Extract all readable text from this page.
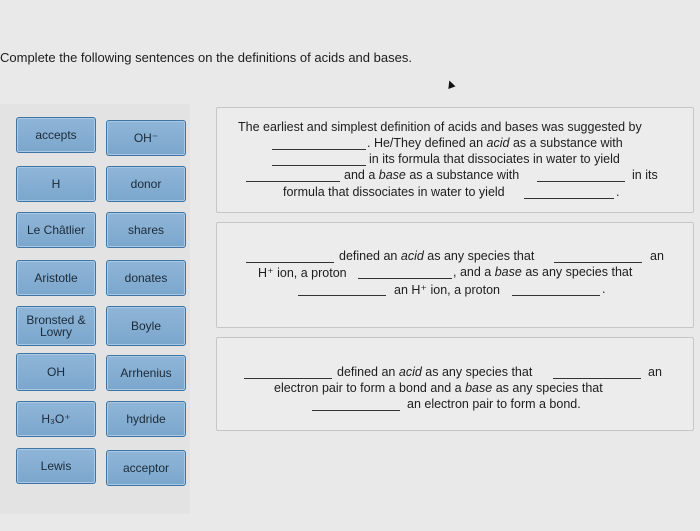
Complete the following sentences on the definitions of acids and bases.
▲
accepts	OH⁻
H	donor
Le Châtlier	shares
Aristotle	donates
Bronsted & Lowry	Boyle
OH	Arrhenius
H₃O⁺	hydride
Lewis	acceptor
The earliest and simplest definition of acids and bases was suggested by
. He/They defined an acid as a substance with
in its formula that dissociates in water to yield
and a base as a substance with	in its
formula that dissociates in water to yield	.
defined an acid as any species that	an
H⁺ ion, a proton	, and a base as any species that
an H⁺ ion, a proton	.
defined an acid as any species that	an
electron pair to form a bond and a base as any species that
an electron pair to form a bond.
